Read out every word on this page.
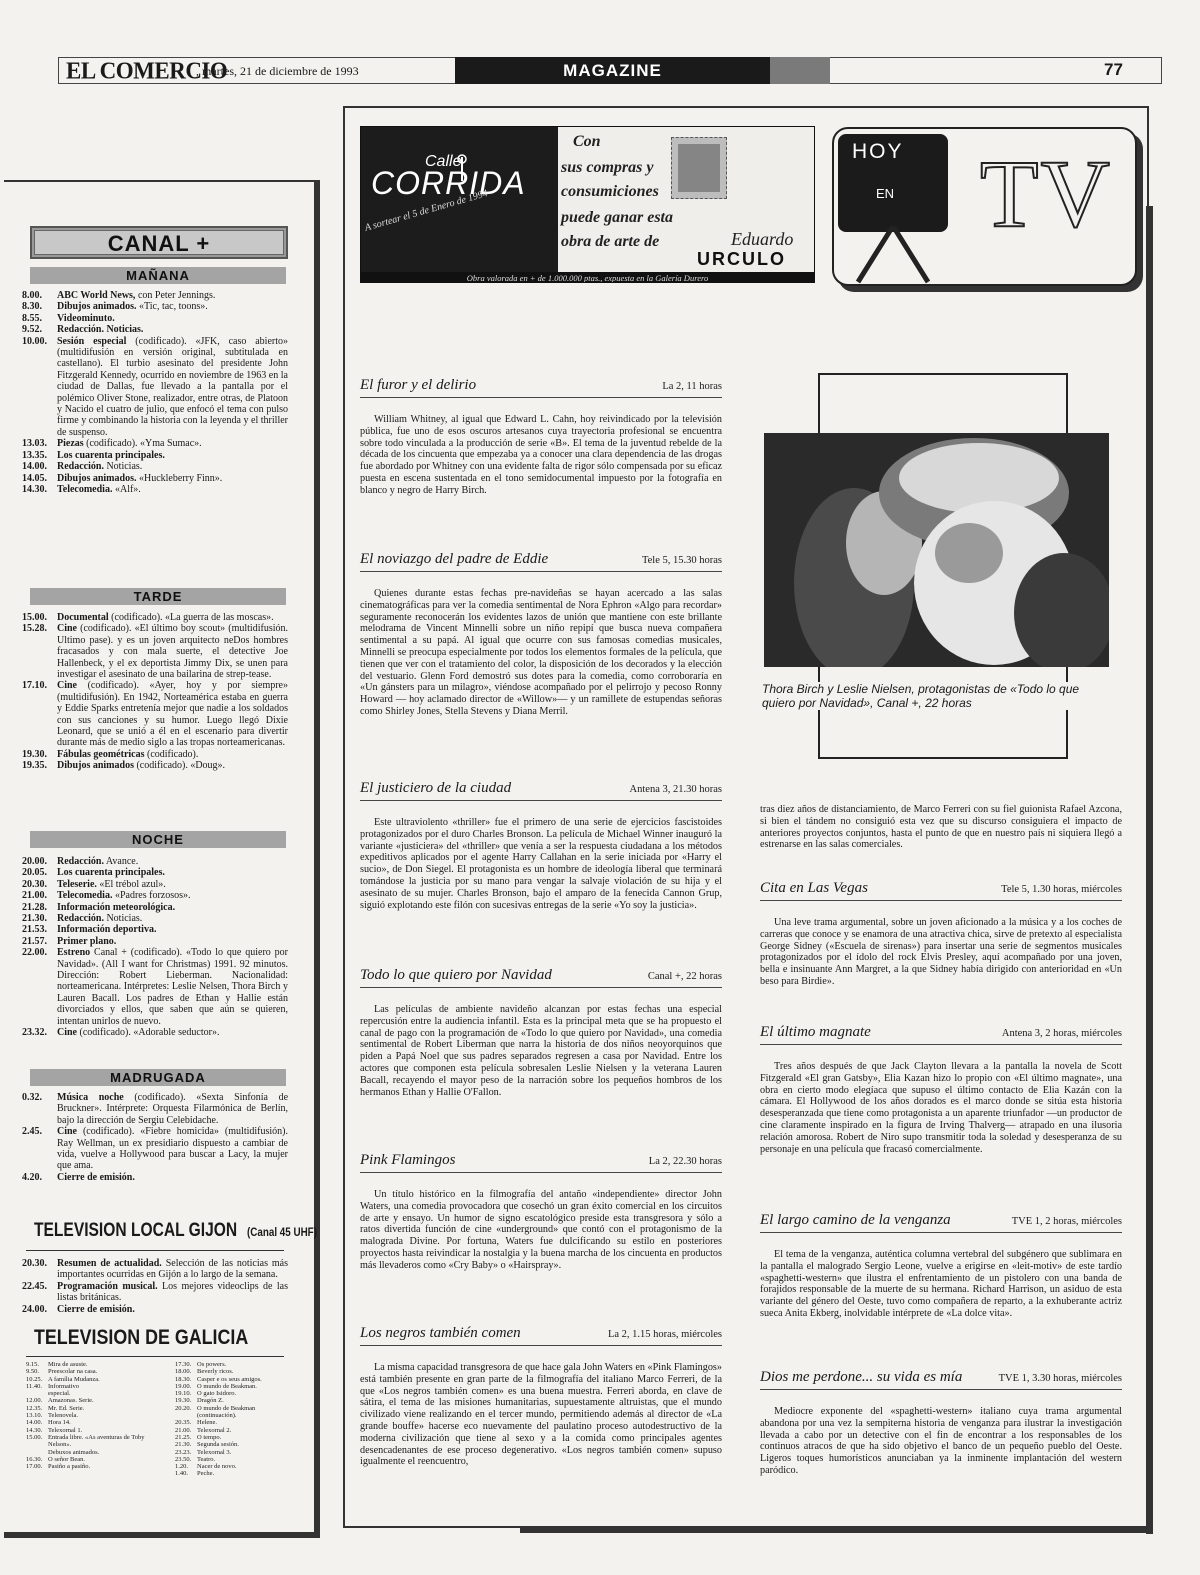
EL COMERCIO
, martes, 21 de diciembre de 1993	MAGAZINE	77
CANAL +
MAÑANA
8.00.	ABC World News, con Peter Jennings.
8.30.	Dibujos animados. «Tic, tac, toons».
8.55.	Videominuto.
9.52.	Redacción. Noticias.
10.00.	Sesión especial (codificado). «JFK, caso abierto» (multidifusión en versión original, subtitulada en castellano). El turbio asesinato del presidente John Fitzgerald Kennedy, ocurrido en noviembre de 1963 en la ciudad de Dallas, fue llevado a la pantalla por el polémico Oliver Stone, realizador, entre otras, de Platoon y Nacido el cuatro de julio, que enfocó el tema con pulso firme y combinando la historia con la leyenda y el thriller de suspenso.
13.03.	Piezas (codificado). «Yma Sumac».
13.35.	Los cuarenta principales.
14.00.	Redacción. Noticias.
14.05.	Dibujos animados. «Huckleberry Finn».
14.30.	Telecomedia. «Alf».
TARDE
15.00.	Documental (codificado). «La guerra de las moscas».
15.28.	Cine (codificado). «El último boy scout» (multidifusión. Ultimo pase). y es un joven arquitecto neDos hombres fracasados y con mala suerte, el detective Joe Hallenbeck, y el ex deportista Jimmy Dix, se unen para investigar el asesinato de una bailarina de strep-tease.
17.10.	Cine (codificado). «Ayer, hoy y por siempre» (multidifusión). En 1942, Norteamérica estaba en guerra y Eddie Sparks entretenía mejor que nadie a los soldados con sus canciones y su humor. Luego llegó Dixie Leonard, que se unió a él en el escenario para divertir durante más de medio siglo a las tropas norteamericanas.
19.30.	Fábulas geométricas (codificado).
19.35.	Dibujos animados (codificado). «Doug».
NOCHE
20.00.	Redacción. Avance.
20.05.	Los cuarenta principales.
20.30.	Teleserie. «El trébol azul».
21.00.	Telecomedia. «Padres forzosos».
21.28.	Información meteorológica.
21.30.	Redacción. Noticias.
21.53.	Información deportiva.
21.57.	Primer plano.
22.00.	Estreno Canal + (codificado). «Todo lo que quiero por Navidad». (All I want for Christmas) 1991. 92 minutos. Dirección: Robert Lieberman. Nacionalidad: norteamericana. Intérpretes: Leslie Nelsen, Thora Birch y Lauren Bacall. Los padres de Ethan y Hallie están divorciados y ellos, que saben que aún se quieren, intentan unirlos de nuevo.
23.32.	Cine (codificado). «Adorable seductor».
MADRUGADA
0.32.	Música noche (codificado). «Sexta Sinfonía de Bruckner». Intérprete: Orquesta Filarmónica de Berlín, bajo la dirección de Sergiu Celebidache.
2.45.	Cine (codificado). «Fiebre homicida» (multidifusión). Ray Wellman, un ex presidiario dispuesto a cambiar de vida, vuelve a Hollywood para buscar a Lacy, la mujer que ama.
4.20.	Cierre de emisión.
TELEVISION LOCAL GIJON (Canal 45 UHF)
20.30.	Resumen de actualidad. Selección de las noticias más importantes ocurridas en Gijón a lo largo de la semana.
22.45.	Programación musical. Los mejores videoclips de las listas británicas.
24.00.	Cierre de emisión.
TELEVISION DE GALICIA
9.15.	Mira de asuste.
9.50.	Preescolar na casa.
10.25. A família Mudanza.
11.40. Informativo
especial.
12.00. Amazonas. Serie.
12.35. Mr. Ed. Serie.
13.10. Telenovela.
14.00. Hora 14.
14.30. Telexornal 1.
15.00. Entrada libre. «As aventuras de Toby Nelson».
Debuxos animados.
16.30. O señor Bean.
17.00. Pasiño a pasiño.
17.30. Os powers.
18.00. Beverly ricos.
18.30. Casper e os seus amigos.
19.00. O mundo de Beakman.
19.10. O gato Isidoro.
19.30. Dragón Z.
20.20. O mundo de Beakman
(continuación).
20.35. Helene.
21.00. Telexornal 2.
21.25. O tempo.
21.30. Segunda sesión.
23.23. Telexornal 3.
23.50. Teatro.
1.20.	Nacer de novo.
1.40.	Peche.
Calle
CORRIDA
A sortear el 5 de Enero de 1994
Con
sus compras y
consumiciones
puede ganar esta
obra de arte de	Eduardo
URCULO
Obra valorada en + de 1.000.000 ptas., expuesta en la Galería Durero
HOY
EN TV
El furor y el delirio	La 2, 11 horas
William Whitney, al igual que Edward L. Cahn, hoy reivindicado por la televisión pública, fue uno de esos oscuros artesanos cuya trayectoria profesional se encuentra sobre todo vinculada a la producción de serie «B». El tema de la juventud rebelde de la década de los cincuenta que empezaba ya a conocer una clara dependencia de las drogas fue abordado por Whitney con una evidente falta de rigor sólo compensada por su eficaz puesta en escena sustentada en el tono semidocumental impuesto por la fotografía en blanco y negro de Harry Birch.
El noviazgo del padre de Eddie	Tele 5, 15.30 horas
Quienes durante estas fechas pre-navideñas se hayan acercado a las salas cinematográficas para ver la comedia sentimental de Nora Ephron «Algo para recordar» seguramente reconocerán los evidentes lazos de unión que mantiene con este brillante melodrama de Vincent Minnelli sobre un niño repipí que busca nueva compañera sentimental a su papá. Al igual que ocurre con sus famosas comedias musicales, Minnelli se preocupa especialmente por todos los elementos formales de la película, que tienen que ver con el tratamiento del color, la disposición de los decorados y la elección del vestuario. Glenn Ford demostró sus dotes para la comedia, como corroboraría en «Un gánsters para un milagro», viéndose acompañado por el pelirrojo y pecoso Ronny Howard — hoy aclamado director de «Willow»— y un ramillete de estupendas señoras como Shirley Jones, Stella Stevens y Diana Merril.
El justiciero de la ciudad	Antena 3, 21.30 horas
Este ultraviolento «thriller» fue el primero de una serie de ejercicios fascistoides protagonizados por el duro Charles Bronson. La película de Michael Winner inauguró la variante «justiciera» del «thriller» que venía a ser la respuesta ciudadana a los métodos expeditivos aplicados por el agente Harry Callahan en la serie iniciada por «Harry el sucio», de Don Siegel. El protagonista es un hombre de ideología liberal que terminará tomándose la justicia por su mano para vengar la salvaje violación de su hija y el asesinato de su mujer. Charles Bronson, bajo el amparo de la fenecida Cannon Grup, siguió explotando este filón con sucesivas entregas de la serie «Yo soy la justicia».
Todo lo que quiero por Navidad	Canal +, 22 horas
Las películas de ambiente navideño alcanzan por estas fechas una especial repercusión entre la audiencia infantil. Esta es la principal meta que se ha propuesto el canal de pago con la programación de «Todo lo que quiero por Navidad», una comedia sentimental de Robert Liberman que narra la historia de dos niños neoyorquinos que piden a Papá Noel que sus padres separados regresen a casa por Navidad. Entre los actores que componen esta película sobresalen Leslie Nielsen y la veterana Lauren Bacall, recayendo el mayor peso de la narración sobre los pequeños hombros de los hermanos Ethan y Hallie O'Fallon.
Pink Flamingos	La 2, 22.30 horas
Un título histórico en la filmografía del antaño «independiente» director John Waters, una comedia provocadora que cosechó un gran éxito comercial en los circuitos de arte y ensayo. Un humor de signo escatológico preside esta transgresora y sólo a ratos divertida función de cine «underground» que contó con el protagonismo de la malograda Divine. Por fortuna, Waters fue dulcificando su estilo en posteriores proyectos hasta reivindicar la nostalgia y la buena marcha de los cincuenta en productos más llevaderos como «Cry Baby» o «Hairspray».
Los negros también comen	La 2, 1.15 horas, miércoles
La misma capacidad transgresora de que hace gala John Waters en «Pink Flamingos» está también presente en gran parte de la filmografía del italiano Marco Ferreri, de la que «Los negros también comen» es una buena muestra. Ferreri aborda, en clave de sátira, el tema de las misiones humanitarias, supuestamente altruistas, que el mundo civilizado viene realizando en el tercer mundo, permitiendo además al director de «La grande bouffe» hacerse eco nuevamente del paulatino proceso autodestructivo de la moderna civilización que tiene al sexo y a la comida como principales agentes desencadenantes de ese proceso degenerativo. «Los negros también comen» supuso igualmente el reencuentro,
Thora Birch y Leslie Nielsen, protagonistas de «Todo lo que quiero por Navidad», Canal +, 22 horas
tras diez años de distanciamiento, de Marco Ferreri con su fiel guionista Rafael Azcona, si bien el tándem no consiguió esta vez que su discurso consiguiera el impacto de anteriores proyectos conjuntos, hasta el punto de que en nuestro país ni siquiera llegó a estrenarse en las salas comerciales.
Cita en Las Vegas	Tele 5, 1.30 horas, miércoles
Una leve trama argumental, sobre un joven aficionado a la música y a los coches de carreras que conoce y se enamora de una atractiva chica, sirve de pretexto al especialista George Sidney («Escuela de sirenas») para insertar una serie de segmentos musicales protagonizados por el ídolo del rock Elvis Presley, aquí acompañado por una joven, bella e insinuante Ann Margret, a la que Sidney había dirigido con anterioridad en «Un beso para Birdie».
El último magnate	Antena 3, 2 horas, miércoles
Tres años después de que Jack Clayton llevara a la pantalla la novela de Scott Fitzgerald «El gran Gatsby», Elia Kazan hizo lo propio con «El último magnate», una obra en cierto modo elegíaca que supuso el último contacto de Elia Kazán con la cámara. El Hollywood de los años dorados es el marco donde se sitúa esta historia desesperanzada que tiene como protagonista a un aparente triunfador —un productor de cine claramente inspirado en la figura de Irving Thalverg— atrapado en una ilusoria relación amorosa. Robert de Niro supo transmitir toda la soledad y desesperanza de su personaje en una película que fracasó comercialmente.
El largo camino de la venganza	TVE 1, 2 horas, miércoles
El tema de la venganza, auténtica columna vertebral del subgénero que sublimara en la pantalla el malogrado Sergio Leone, vuelve a erigirse en «leit-motiv» de este tardío «spaghetti-western» que ilustra el enfrentamiento de un pistolero con una banda de forajidos responsable de la muerte de su hermana. Richard Harrison, un asiduo de esta variante del género del Oeste, tuvo como compañera de reparto, a la exhuberante actriz sueca Anita Ekberg, inolvidable intérprete de «La dolce vita».
Dios me perdone... su vida es mía	TVE 1, 3.30 horas, miércoles
Mediocre exponente del «spaghetti-western» italiano cuya trama argumental abandona por una vez la sempiterna historia de venganza para ilustrar la investigación llevada a cabo por un detective con el fin de encontrar a los responsables de los continuos atracos de que ha sido objetivo el banco de un pequeño pueblo del Oeste. Ligeros toques humorísticos anunciaban ya la inminente implantación del western paródico.
